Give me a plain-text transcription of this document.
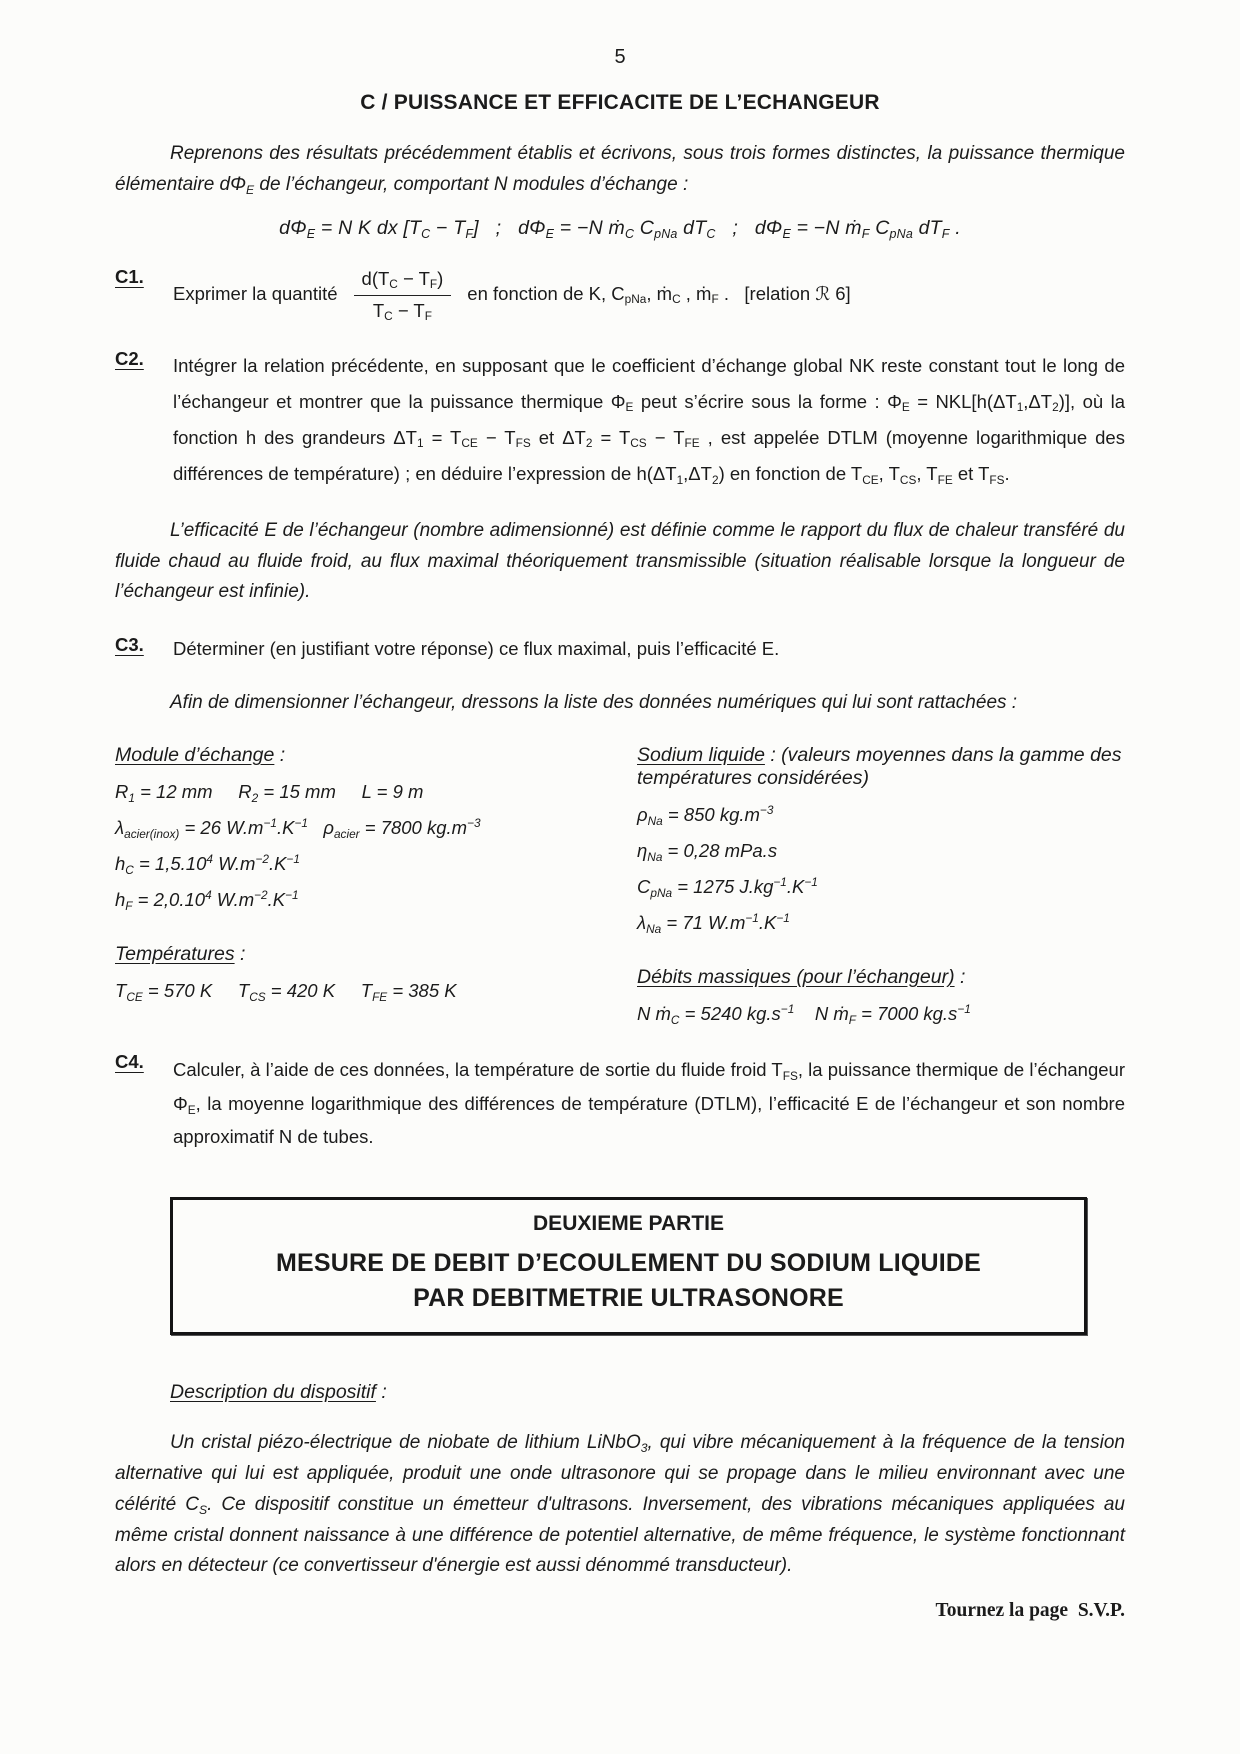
5
C / PUISSANCE ET EFFICACITE DE L’ECHANGEUR

Reprenons des résultats précédemment établis et écrivons, sous trois formes distinctes, la puissance thermique élémentaire $d\Phi_E$ de l’échangeur, comportant N modules d’échange :

$d\Phi_E = N$ K dx $[T_C - T_F]$   ;   $d\Phi_E = -N$ ṁ$_C$ $C_{pNa}$ $dT_C$   ;   $d\Phi_E = -N$ ṁ$_F$ $C_{pNa}$ $dT_F$ .
C1.
Exprimer la quantité $\frac{d(T_C - T_F)}{T_C - T_F}$ en fonction de K, $C_{pNa}$, ṁ$_C$ , ṁ$_F$ .   [relation ℛ 6]
C2.	Intégrer la relation précédente, en supposant que le coefficient d’échange global NK reste constant tout le long de l’échangeur et montrer que la puissance thermique $\Phi_E$ peut s’écrire sous la forme : $\Phi_E = NKL[h(\Delta T_1,\Delta T_2)]$, où la fonction h des grandeurs $\Delta T_1 = T_{CE} - T_{FS}$ et $\Delta T_2 = T_{CS} - T_{FE}$ , est appelée DTLM (moyenne logarithmique des différences de température) ; en déduire l’expression de $h(\Delta T_1,\Delta T_2)$ en fonction de $T_{CE}$, $T_{CS}$, $T_{FE}$ et $T_{FS}$.

L’efficacité E de l’échangeur (nombre adimensionné) est définie comme le rapport du flux de chaleur transféré du fluide chaud au fluide froid, au flux maximal théoriquement transmissible (situation réalisable lorsque la longueur de l’échangeur est infinie).

C3.	Déterminer (en justifiant votre réponse) ce flux maximal, puis l’efficacité E.

Afin de dimensionner l’échangeur, dressons la liste des données numériques qui lui sont rattachées :

Module d’échange :
$R_1 = 12$ mm     $R_2 = 15$ mm     L = 9 m
$\lambda_{acier(inox)} = 26$ $W.m^{-1}.K^{-1}$   $\rho_{acier} = 7800$ $kg.m^{-3}$
$h_C = 1,5.10^4$ $W.m^{-2}.K^{-1}$
$h_F = 2,0.10^4$ $W.m^{-2}.K^{-1}$
Températures :
$T_{CE} = 570$ K     $T_{CS} = 420$ K     $T_{FE} = 385$ K
Sodium liquide : (valeurs moyennes dans la gamme des températures considérées)
$\rho_{Na} = 850$ $kg.m^{-3}$
$\eta_{Na} = 0,28$ mPa.s
$C_{pNa} = 1275$ $J.kg^{-1}.K^{-1}$
$\lambda_{Na} = 71$ $W.m^{-1}.K^{-1}$
Débits massiques (pour l’échangeur) :
N ṁ$_C$ = 5240 $kg.s^{-1}$    N ṁ$_F$ = 7000 $kg.s^{-1}$
C4.	Calculer, à l’aide de ces données, la température de sortie du fluide froid $T_{FS}$, la puissance thermique de l’échangeur $\Phi_E$, la moyenne logarithmique des différences de température (DTLM), l’efficacité E de l’échangeur et son nombre approximatif N de tubes.
DEUXIEME PARTIE
MESURE DE DEBIT D’ECOULEMENT DU SODIUM LIQUIDE
PAR DEBITMETRIE ULTRASONORE

Description du dispositif :

Un cristal piézo-électrique de niobate de lithium LiNbO$_3$, qui vibre mécaniquement à la fréquence de la tension alternative qui lui est appliquée, produit une onde ultrasonore qui se propage dans le milieu environnant avec une célérité $C_S$. Ce dispositif constitue un émetteur d'ultrasons. Inversement, des vibrations mécaniques appliquées au même cristal donnent naissance à une différence de potentiel alternative, de même fréquence, le système fonctionnant alors en détecteur (ce convertisseur d'énergie est aussi dénommé transducteur).

Tournez la page  S.V.P.
